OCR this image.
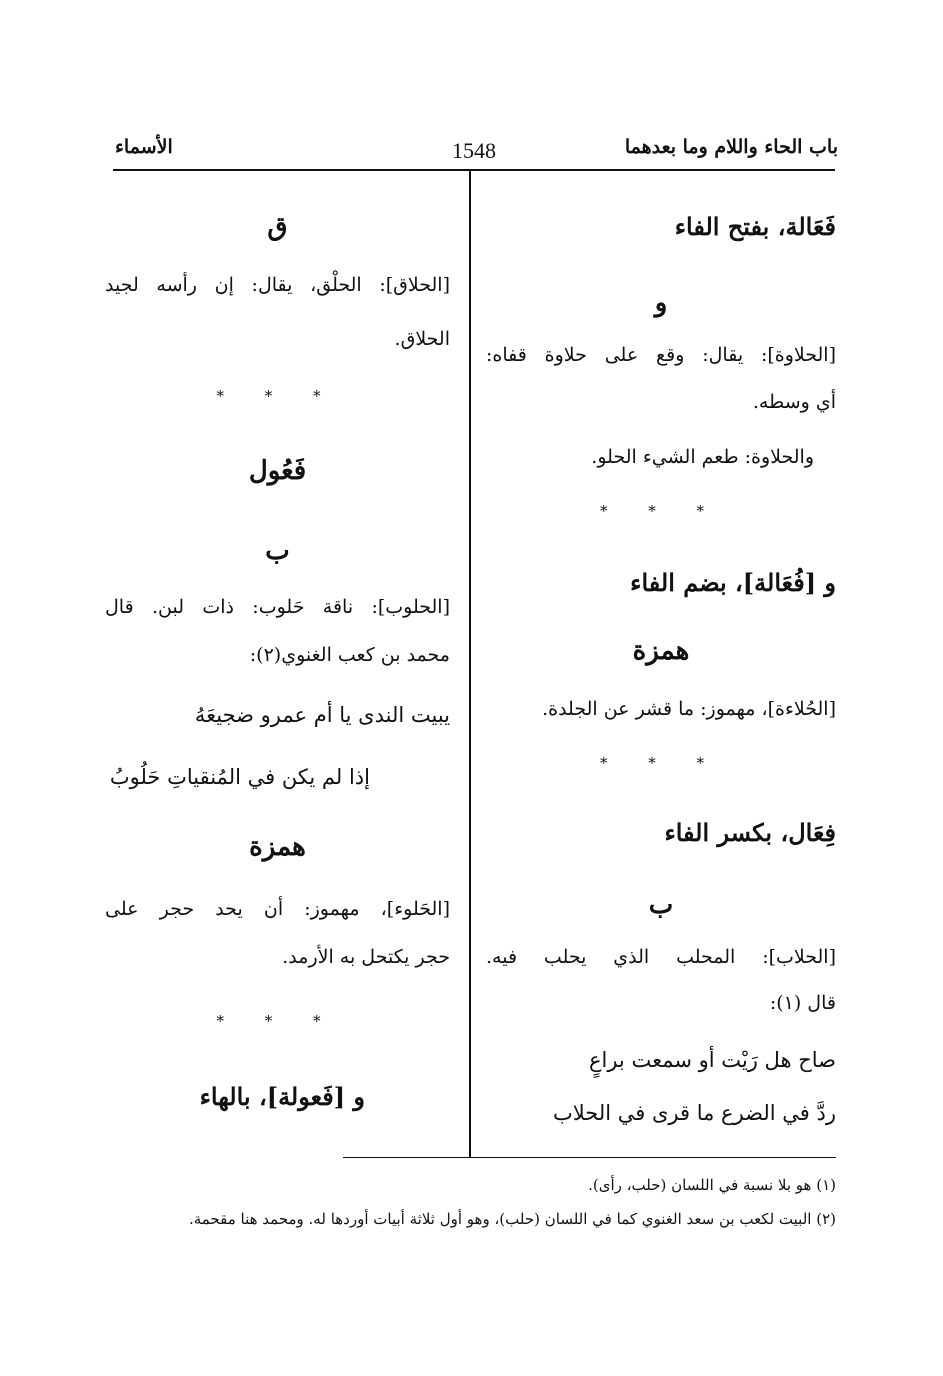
باب الحاء واللام وما بعدهما
1548
الأسماء
فَعَالة، بفتح الفاء
و
[الحلاوة]: يقال: وقع على حلاوة قفاه:
أي وسطه.
والحلاوة: طعم الشيء الحلو.
* * *
و [فُعَالة]، بضم الفاء
همزة
[الحُلاءة]، مهموز: ما قشر عن الجلدة.
* * *
فِعَال، بكسر الفاء
ب
[الحلاب]: المحلب الذي يحلب فيه.
قال (١):
صاح هل رَيْت أو سمعت براعٍ
ردَّ في الضرع ما قرى في الحلاب
ق
[الحلاق]: الحلْق، يقال: إن رأسه لجيد
الحلاق.
* * *
فَعُول
ب
[الحلوب]: ناقة حَلوب: ذات لبن. قال
محمد بن كعب الغنوي(٢):
يبيت الندى يا أم عمرو ضجيعَهُ
إذا لم يكن في المُنقياتِ حَلُوبُ
همزة
[الحَلوء]، مهموز: أن يحد حجر على
حجر يكتحل به الأرمد.
* * *
و [فَعولة]، بالهاء
(١) هو بلا نسبة في اللسان (حلب، رأى).
(٢) البيت لكعب بن سعد الغنوي كما في اللسان (حلب)، وهو أول ثلاثة أبيات أوردها له. ومحمد هنا مقحمة.
